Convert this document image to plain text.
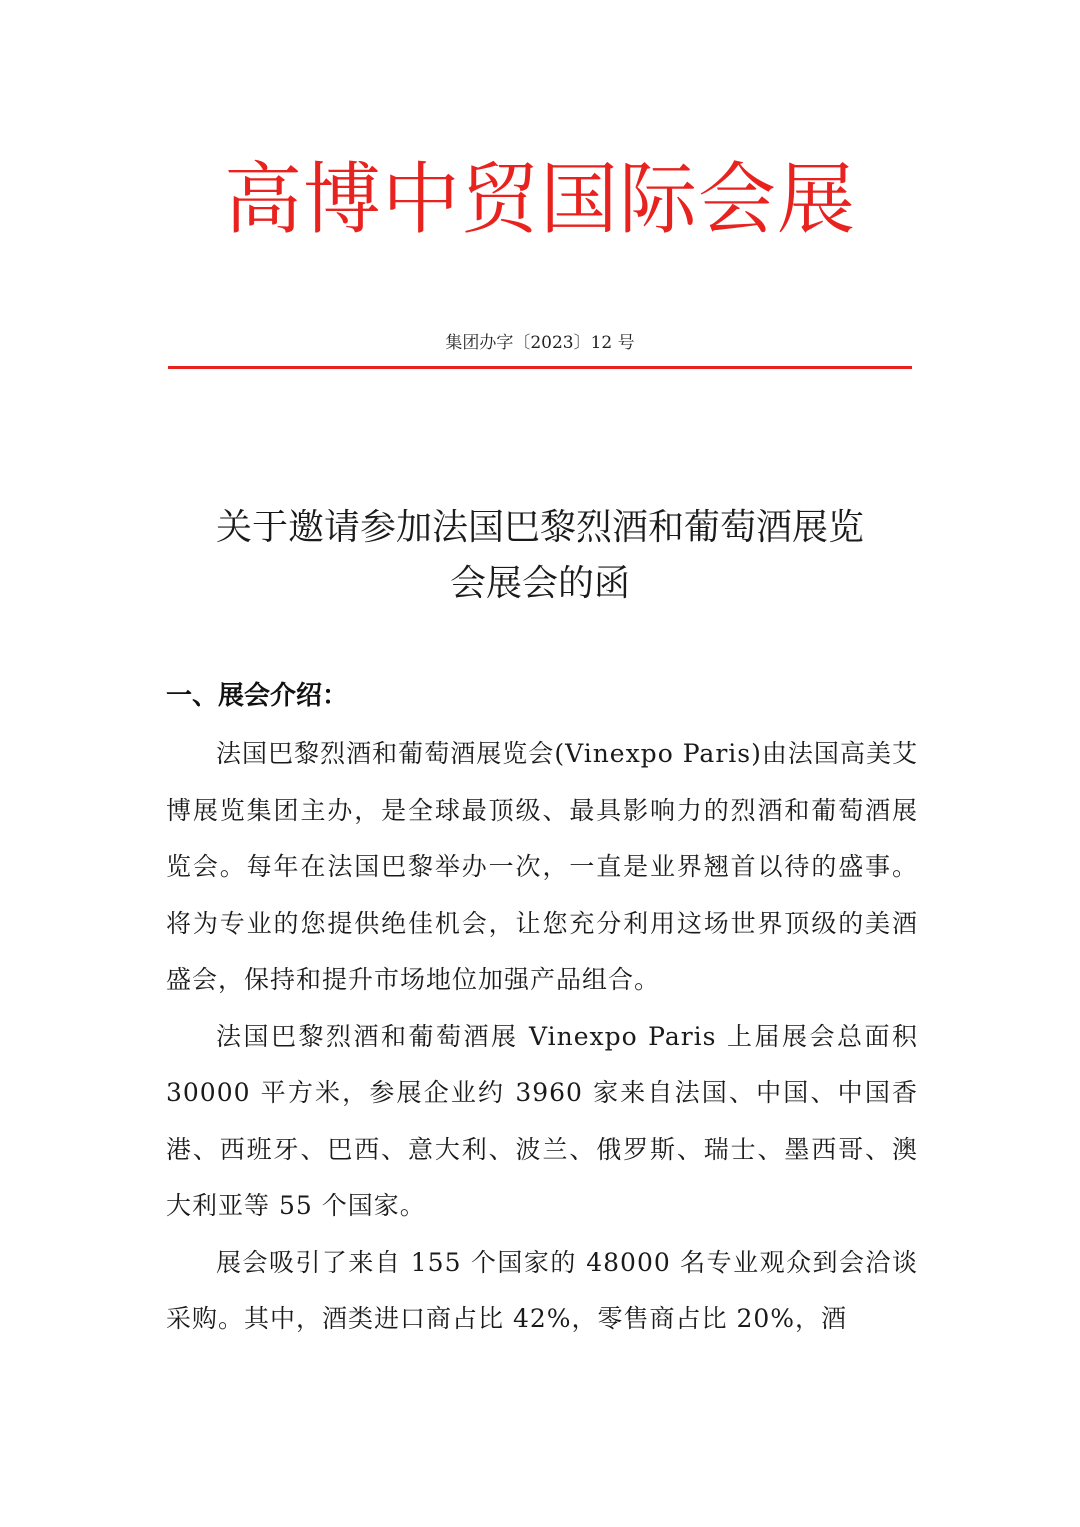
高博中贸国际会展
集团办字〔2023〕12 号
关于邀请参加法国巴黎烈酒和葡萄酒展览
会展会的函
一、展会介绍：

法国巴黎烈酒和葡萄酒展览会(Vinexpo Paris)由法国高美艾博展览集团主办，是全球最顶级、最具影响力的烈酒和葡萄酒展览会。每年在法国巴黎举办一次，一直是业界翘首以待的盛事。将为专业的您提供绝佳机会，让您充分利用这场世界顶级的美酒盛会，保持和提升市场地位加强产品组合。

法国巴黎烈酒和葡萄酒展 Vinexpo Paris 上届展会总面积 30000 平方米，参展企业约 3960 家来自法国、中国、中国香港、西班牙、巴西、意大利、波兰、俄罗斯、瑞士、墨西哥、澳大利亚等 55 个国家。

展会吸引了来自 155 个国家的 48000 名专业观众到会洽谈采购。其中，酒类进口商占比 42%，零售商占比 20%，酒
